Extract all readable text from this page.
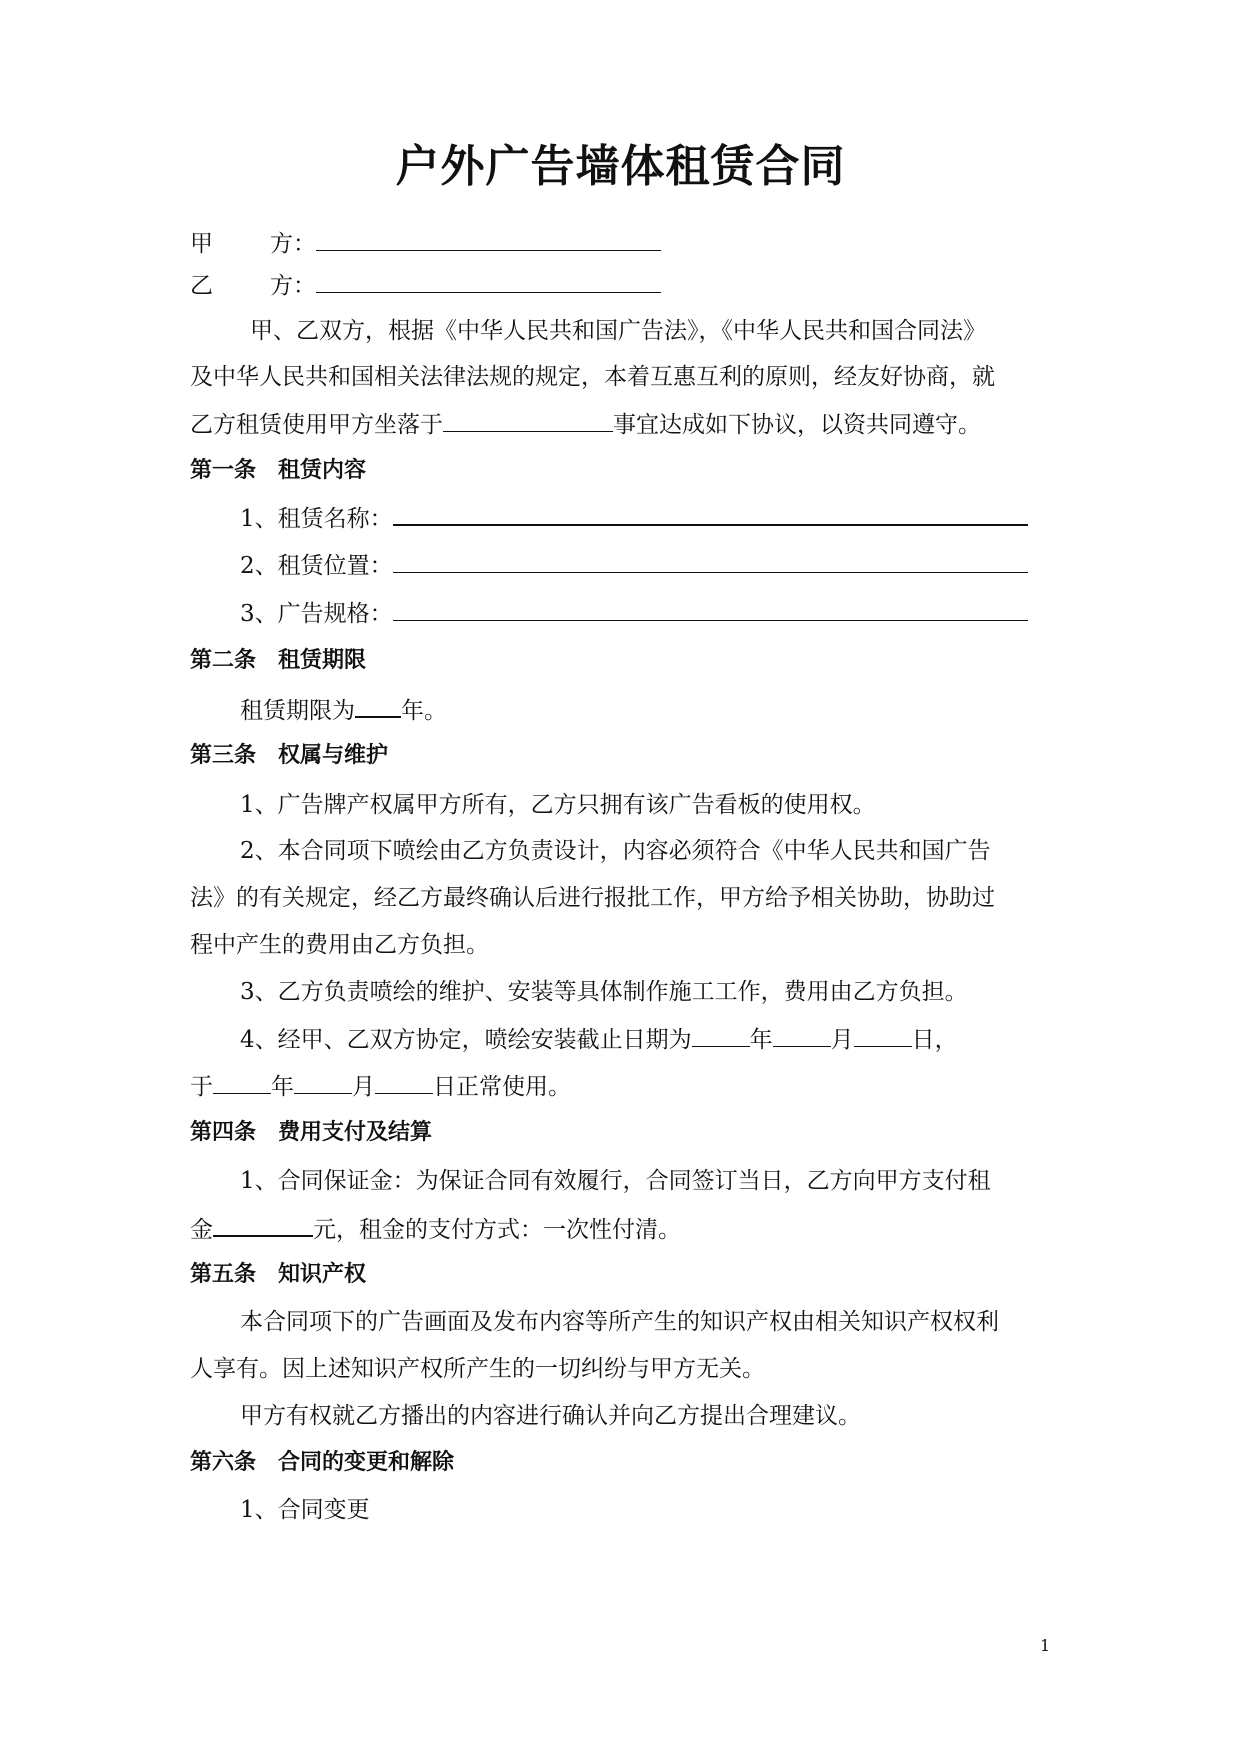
户外广告墙体租赁合同
甲 方：
乙 方：
甲、乙双方，根据《中华人民共和国广告法》，《中华人民共和国合同法》
及中华人民共和国相关法律法规的规定，本着互惠互利的原则，经友好协商，就
乙方租赁使用甲方坐落于	事宜达成如下协议，以资共同遵守。
第一条　租赁内容
1、租赁名称：
2、租赁位置：
3、广告规格：
第二条　租赁期限
租赁期限为 年。
第三条　权属与维护
1、广告牌产权属甲方所有，乙方只拥有该广告看板的使用权。
2、本合同项下喷绘由乙方负责设计，内容必须符合《中华人民共和国广告
法》的有关规定，经乙方最终确认后进行报批工作，甲方给予相关协助，协助过
程中产生的费用由乙方负担。
3、乙方负责喷绘的维护、安装等具体制作施工工作，费用由乙方负担。
4、经甲、乙双方协定，喷绘安装截止日期为	年	月	日，
于	年	月	日正常使用。
第四条　费用支付及结算
1、合同保证金：为保证合同有效履行，合同签订当日，乙方向甲方支付租
金	元，租金的支付方式：一次性付清。
第五条　知识产权
本合同项下的广告画面及发布内容等所产生的知识产权由相关知识产权权利
人享有。因上述知识产权所产生的一切纠纷与甲方无关。
甲方有权就乙方播出的内容进行确认并向乙方提出合理建议。
第六条　合同的变更和解除
1、合同变更
1
